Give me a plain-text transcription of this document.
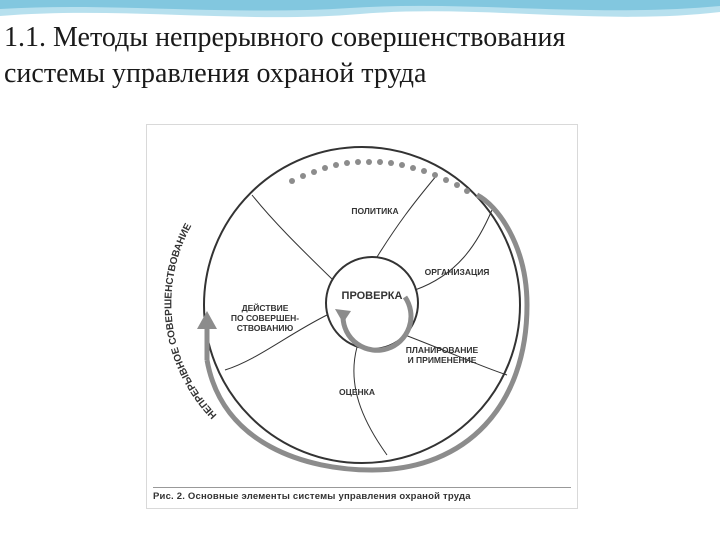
1.1. Методы непрерывного совершенствования
системы управления охраной труда
НЕПРЕРЫВНОЕ СОВЕРШЕНСТВОВАНИЕ
ПРОВЕРКА
ПОЛИТИКА
ОРГАНИЗАЦИЯ
ПЛАНИРОВАНИЕ
И ПРИМЕНЕНИЕ
ОЦЕНКА
ДЕЙСТВИЕ
ПО СОВЕРШЕН-
СТВОВАНИЮ
Рис. 2. Основные элементы системы управления охраной труда
